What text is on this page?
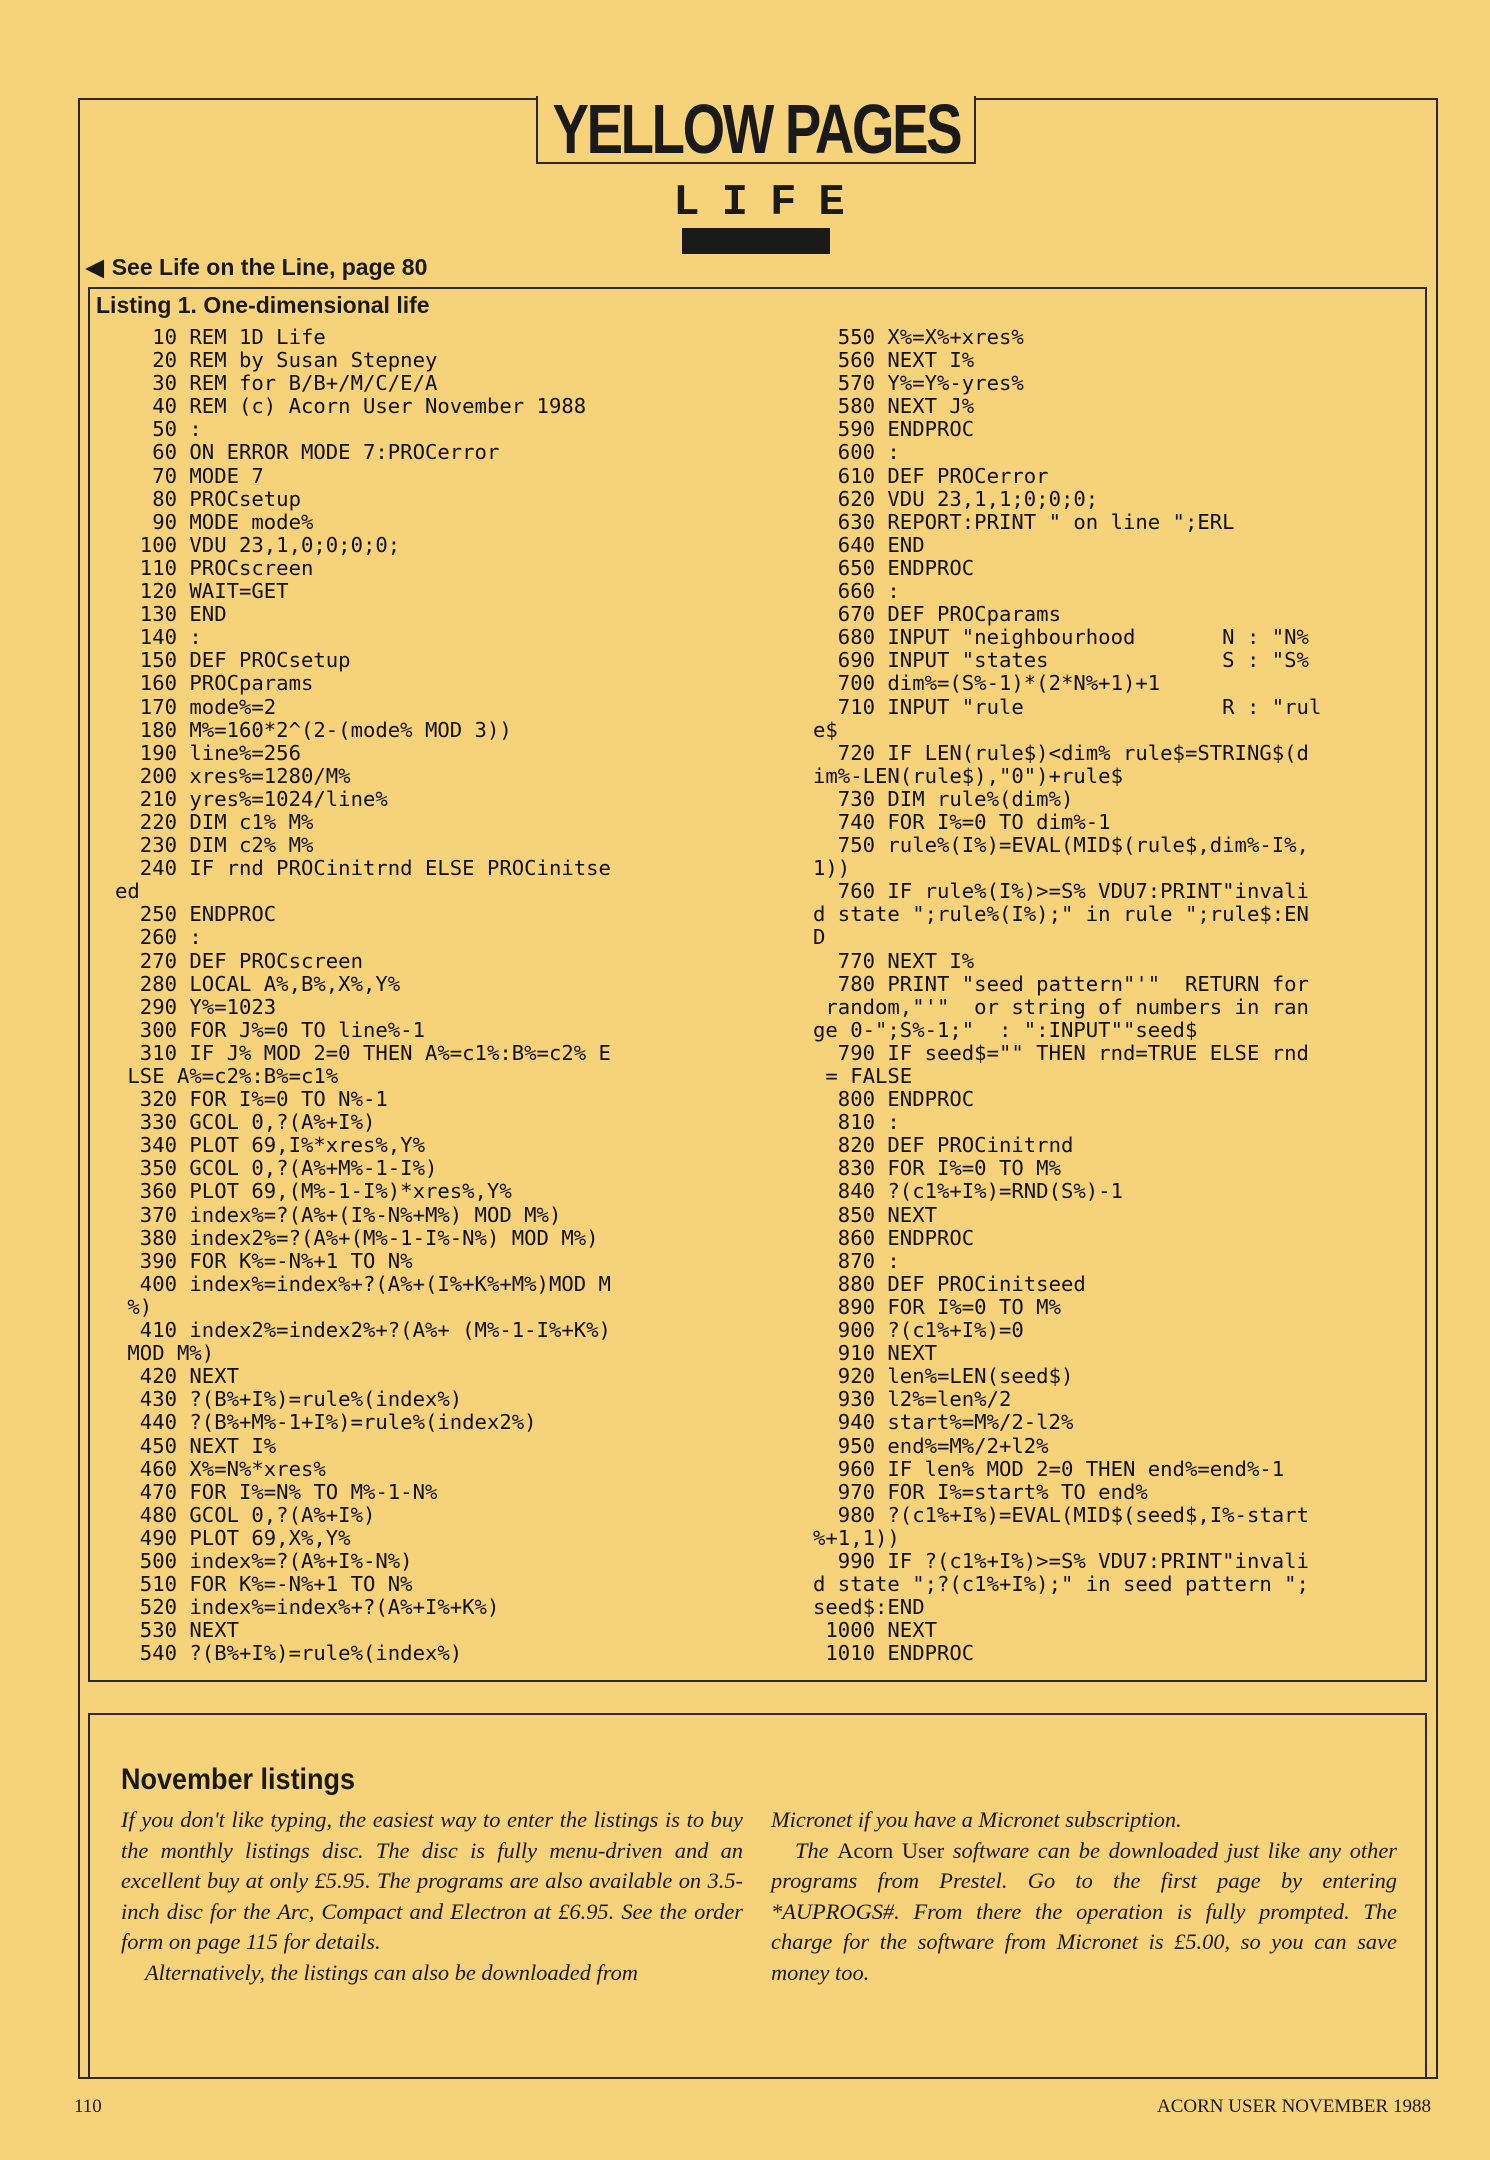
YELLOW PAGES
LIFE
◀ See Life on the Line, page 80
Listing 1. One-dimensional life
10 REM 1D Life
20 REM by Susan Stepney
30 REM for B/B+/M/C/E/A
40 REM (c) Acorn User November 1988
50 :
60 ON ERROR MODE 7:PROCerror
70 MODE 7
80 PROCsetup
90 MODE mode%
100 VDU 23,1,0;0;0;0;
110 PROCscreen
120 WAIT=GET
130 END
140 :
150 DEF PROCsetup
160 PROCparams
170 mode%=2
180 M%=160*2^(2-(mode% MOD 3))
190 line%=256
200 xres%=1280/M%
210 yres%=1024/line%
220 DIM c1% M%
230 DIM c2% M%
240 IF rnd PROCinitrnd ELSE PROCinitse
ed
250 ENDPROC
260 :
270 DEF PROCscreen
280 LOCAL A%,B%,X%,Y%
290 Y%=1023
300 FOR J%=0 TO line%-1
310 IF J% MOD 2=0 THEN A%=c1%:B%=c2% E
LSE A%=c2%:B%=c1%
320 FOR I%=0 TO N%-1
330 GCOL 0,?(A%+I%)
340 PLOT 69,I%*xres%,Y%
350 GCOL 0,?(A%+M%-1-I%)
360 PLOT 69,(M%-1-I%)*xres%,Y%
370 index%=?(A%+(I%-N%+M%) MOD M%)
380 index2%=?(A%+(M%-1-I%-N%) MOD M%)
390 FOR K%=-N%+1 TO N%
400 index%=index%+?(A%+(I%+K%+M%)MOD M
%)
410 index2%=index2%+?(A%+ (M%-1-I%+K%)
MOD M%)
420 NEXT
430 ?(B%+I%)=rule%(index%)
440 ?(B%+M%-1+I%)=rule%(index2%)
450 NEXT I%
460 X%=N%*xres%
470 FOR I%=N% TO M%-1-N%
480 GCOL 0,?(A%+I%)
490 PLOT 69,X%,Y%
500 index%=?(A%+I%-N%)
510 FOR K%=-N%+1 TO N%
520 index%=index%+?(A%+I%+K%)
530 NEXT
540 ?(B%+I%)=rule%(index%)
550 X%=X%+xres%
560 NEXT I%
570 Y%=Y%-yres%
580 NEXT J%
590 ENDPROC
600 :
610 DEF PROCerror
620 VDU 23,1,1;0;0;0;
630 REPORT:PRINT " on line ";ERL
640 END
650 ENDPROC
660 :
670 DEF PROCparams
680 INPUT "neighbourhood       N : "N%
690 INPUT "states              S : "S%
700 dim%=(S%-1)*(2*N%+1)+1
710 INPUT "rule                R : "rul
e$
720 IF LEN(rule$)<dim% rule$=STRING$(d
im%-LEN(rule$),"0")+rule$
730 DIM rule%(dim%)
740 FOR I%=0 TO dim%-1
750 rule%(I%)=EVAL(MID$(rule$,dim%-I%,
1))
760 IF rule%(I%)>=S% VDU7:PRINT"invali
d state ";rule%(I%);" in rule ";rule$:EN
D
770 NEXT I%
780 PRINT "seed pattern"'"  RETURN for
random,"'"  or string of numbers in ran
ge 0-";S%-1;"  : ":INPUT""seed$
790 IF seed$="" THEN rnd=TRUE ELSE rnd
= FALSE
800 ENDPROC
810 :
820 DEF PROCinitrnd
830 FOR I%=0 TO M%
840 ?(c1%+I%)=RND(S%)-1
850 NEXT
860 ENDPROC
870 :
880 DEF PROCinitseed
890 FOR I%=0 TO M%
900 ?(c1%+I%)=0
910 NEXT
920 len%=LEN(seed$)
930 l2%=len%/2
940 start%=M%/2-l2%
950 end%=M%/2+l2%
960 IF len% MOD 2=0 THEN end%=end%-1
970 FOR I%=start% TO end%
980 ?(c1%+I%)=EVAL(MID$(seed$,I%-start
%+1,1))
990 IF ?(c1%+I%)>=S% VDU7:PRINT"invali
d state ";?(c1%+I%);" in seed pattern ";
seed$:END
1000 NEXT
1010 ENDPROC
November listings

If you don't like typing, the easiest way to enter the listings is to buy the monthly listings disc. The disc is fully menu-driven and an excellent buy at only £5.95. The programs are also available on 3.5-inch disc for the Arc, Compact and Electron at £6.95. See the order form on page 115 for details.

Alternatively, the listings can also be downloaded from

Micronet if you have a Micronet subscription.

The Acorn User software can be downloaded just like any other programs from Prestel. Go to the first page by entering *AUPROGS#. From there the operation is fully prompted. The charge for the software from Micronet is £5.00, so you can save money too.

110	ACORN USER NOVEMBER 1988
